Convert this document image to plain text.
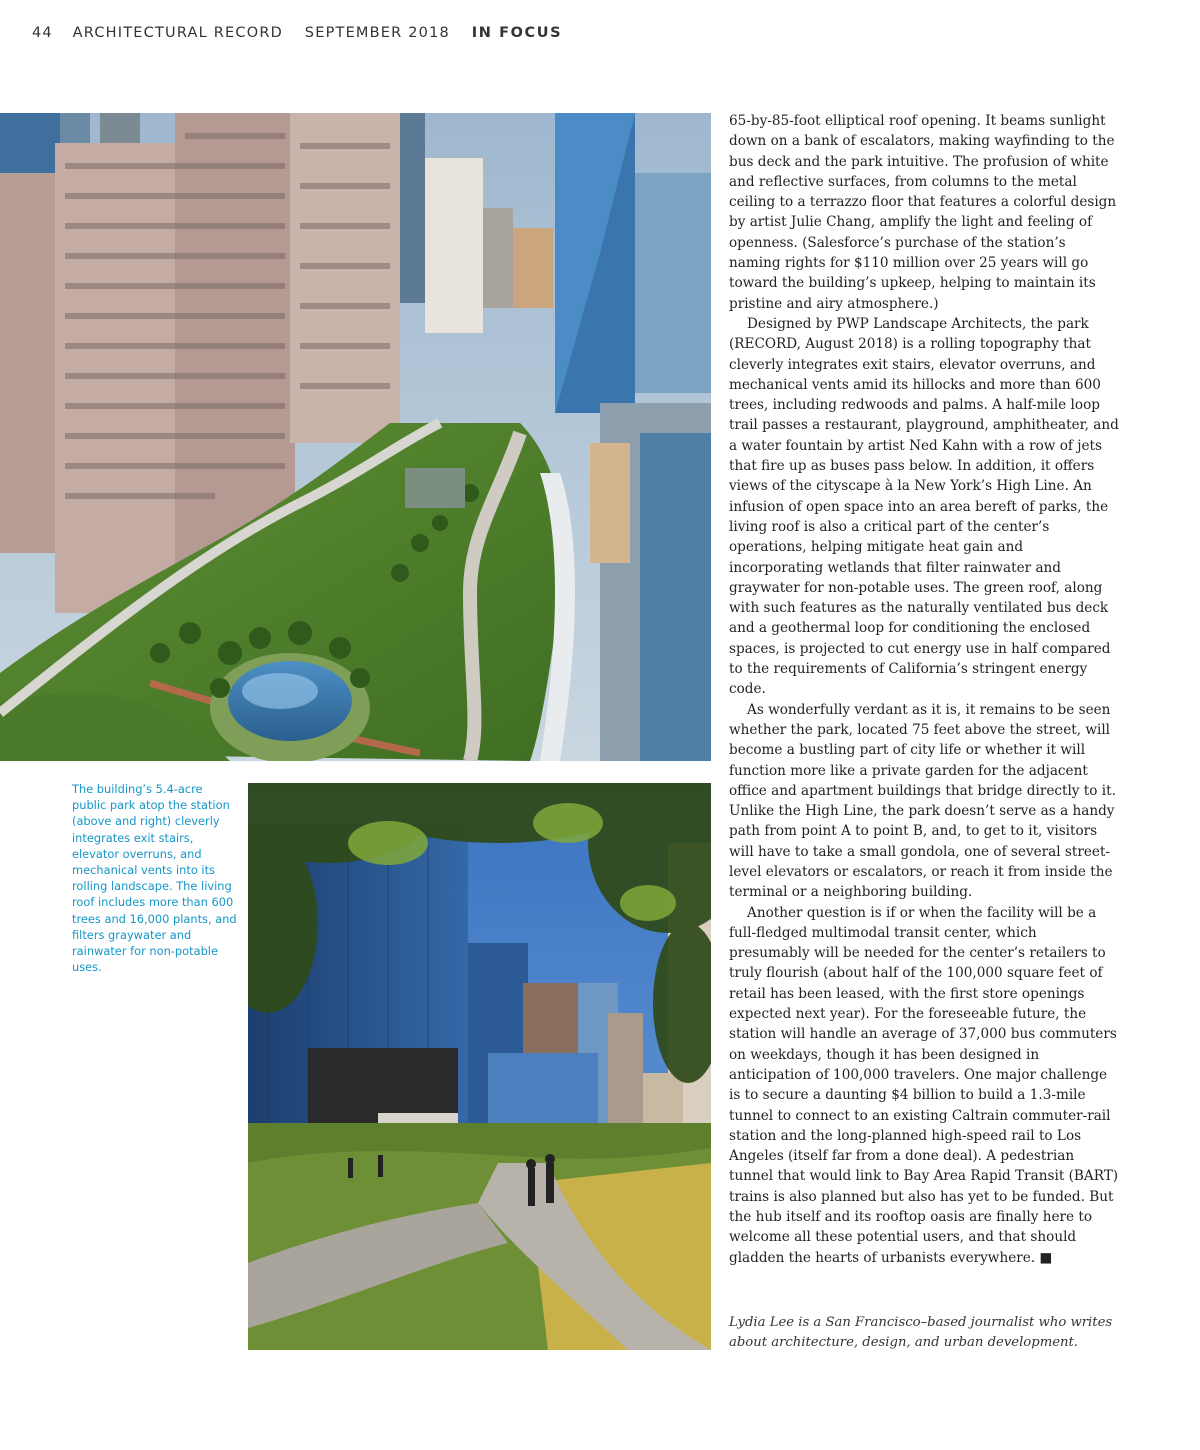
44 ARCHITECTURAL RECORD SEPTEMBER 2018 IN FOCUS
The building’s 5.4-acre public park atop the station (above and right) cleverly integrates exit stairs, elevator overruns, and mechanical vents into its rolling landscape. The living roof includes more than 600 trees and 16,000 plants, and filters graywater and rainwater for non-potable uses.

65-by-85-foot elliptical roof opening. It beams sunlight down on a bank of escalators, making wayfinding to the bus deck and the park intuitive. The profusion of white and reflective surfaces, from columns to the metal ceiling to a terrazzo floor that features a colorful design by artist Julie Chang, amplify the light and feeling of openness. (Salesforce’s purchase of the station’s naming rights for $110 million over 25 years will go toward the building’s upkeep, helping to maintain its pristine and airy atmosphere.)

Designed by PWP Landscape Architects, the park (RECORD, August 2018) is a rolling topography that cleverly integrates exit stairs, elevator overruns, and mechanical vents amid its hillocks and more than 600 trees, including redwoods and palms. A half-mile loop trail passes a restaurant, playground, amphitheater, and a water fountain by artist Ned Kahn with a row of jets that fire up as buses pass below. In addition, it offers views of the cityscape à la New York’s High Line. An infusion of open space into an area bereft of parks, the living roof is also a critical part of the center’s operations, helping mitigate heat gain and incorporating wetlands that filter rainwater and graywater for non-potable uses. The green roof, along with such features as the naturally ventilated bus deck and a geothermal loop for conditioning the enclosed spaces, is projected to cut energy use in half compared to the requirements of California’s stringent energy code.

As wonderfully verdant as it is, it remains to be seen whether the park, located 75 feet above the street, will become a bustling part of city life or whether it will function more like a private garden for the adjacent office and apartment buildings that bridge directly to it. Unlike the High Line, the park doesn’t serve as a handy path from point A to point B, and, to get to it, visitors will have to take a small gondola, one of several street-level elevators or escalators, or reach it from inside the terminal or a neighboring building.

Another question is if or when the facility will be a full-fledged multimodal transit center, which presumably will be needed for the center’s retailers to truly flourish (about half of the 100,000 square feet of retail has been leased, with the first store openings expected next year). For the foreseeable future, the station will handle an average of 37,000 bus commuters on weekdays, though it has been designed in anticipation of 100,000 travelers. One major challenge is to secure a daunting $4 billion to build a 1.3-mile tunnel to connect to an existing Caltrain commuter-rail station and the long-planned high-speed rail to Los Angeles (itself far from a done deal). A pedestrian tunnel that would link to Bay Area Rapid Transit (BART) trains is also planned but also has yet to be funded. But the hub itself and its rooftop oasis are finally here to welcome all these potential users, and that should gladden the hearts of urbanists everywhere. ■

Lydia Lee is a San Francisco–based journalist who writes about architecture, design, and urban development.
